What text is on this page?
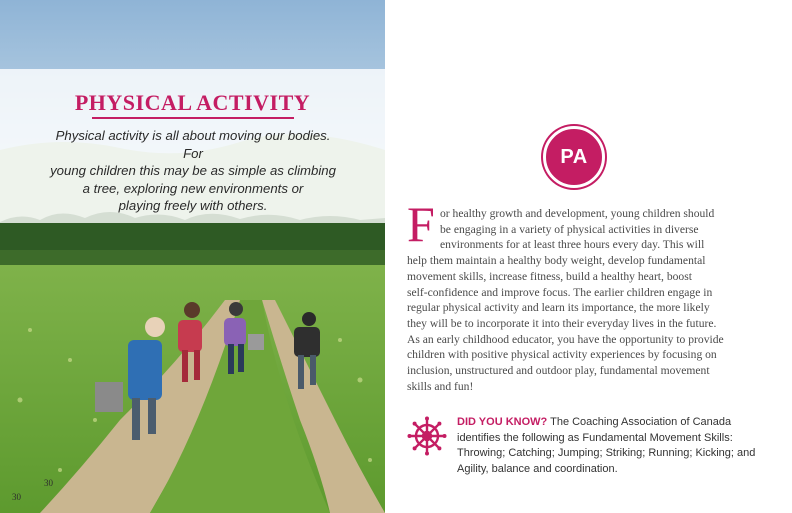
PHYSICAL ACTIVITY
Physical activity is all about moving our bodies. For
young children this may be as simple as climbing
a tree, exploring new environments or
playing freely with others.
30
30
PA
F or healthy growth and development, young children should
be engaging in a variety of physical activities in diverse
environments for at least three hours every day. This will
help them maintain a healthy body weight, develop fundamental
movement skills, increase fitness, build a healthy heart, boost
self-confidence and improve focus. The earlier children engage in
regular physical activity and learn its importance, the more likely
they will be to incorporate it into their everyday lives in the future.
As an early childhood educator, you have the opportunity to provide
children with positive physical activity experiences by focusing on
inclusion, unstructured and outdoor play, fundamental movement
skills and fun!
DID YOU KNOW? The Coaching Association of Canada
identifies the following as Fundamental Movement Skills:
Throwing; Catching; Jumping; Striking; Running; Kicking; and
Agility, balance and coordination.
